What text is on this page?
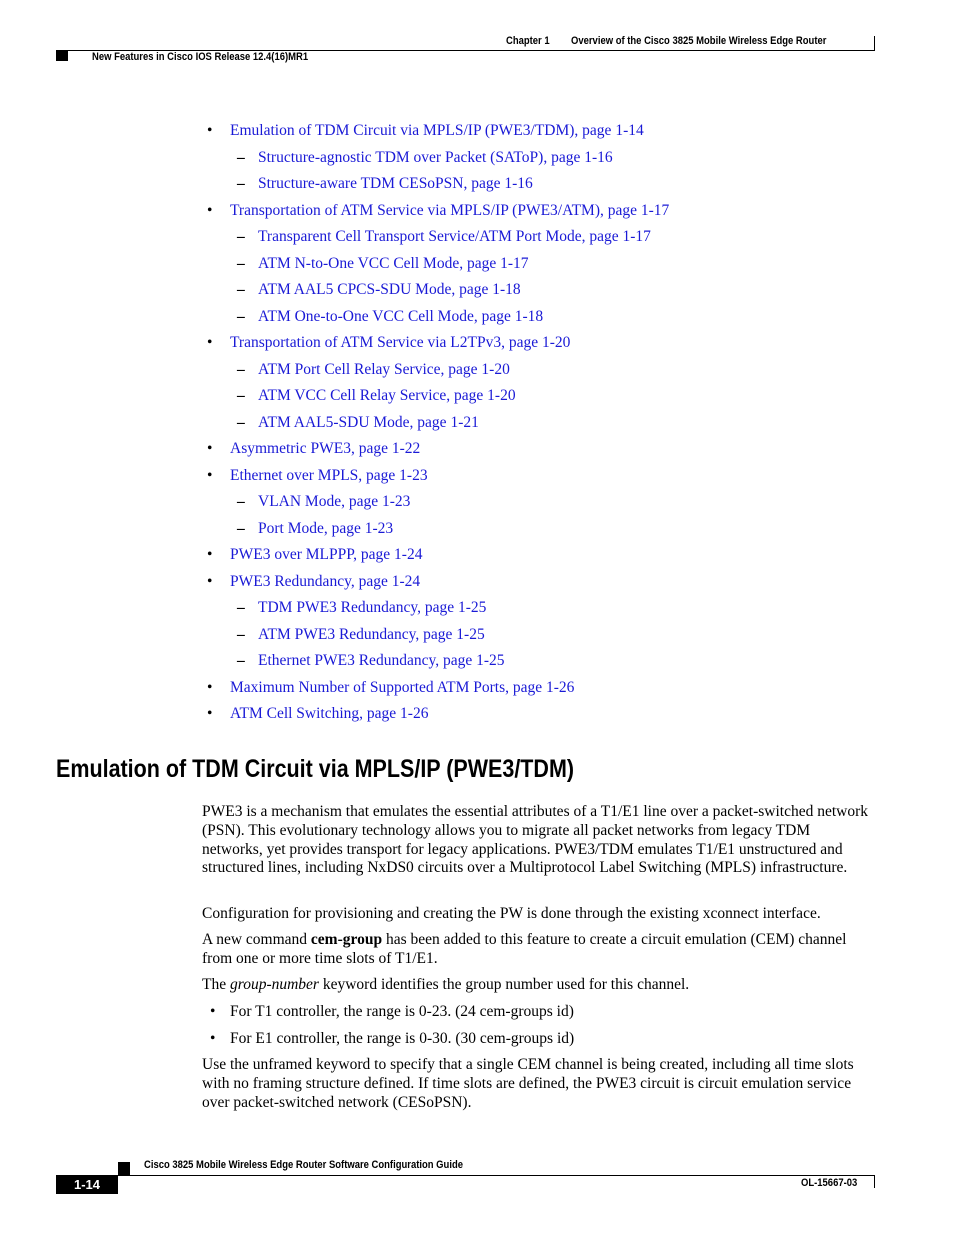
Chapter 1 Overview of the Cisco 3825 Mobile Wireless Edge Router
New Features in Cisco IOS Release 12.4(16)MR1
• Emulation of TDM Circuit via MPLS/IP (PWE3/TDM), page 1-14
– Structure-agnostic TDM over Packet (SAToP), page 1-16
– Structure-aware TDM CESoPSN, page 1-16
• Transportation of ATM Service via MPLS/IP (PWE3/ATM), page 1-17
– Transparent Cell Transport Service/ATM Port Mode, page 1-17
– ATM N-to-One VCC Cell Mode, page 1-17
– ATM AAL5 CPCS-SDU Mode, page 1-18
– ATM One-to-One VCC Cell Mode, page 1-18
• Transportation of ATM Service via L2TPv3, page 1-20
– ATM Port Cell Relay Service, page 1-20
– ATM VCC Cell Relay Service, page 1-20
– ATM AAL5-SDU Mode, page 1-21
• Asymmetric PWE3, page 1-22
• Ethernet over MPLS, page 1-23
– VLAN Mode, page 1-23
– Port Mode, page 1-23
• PWE3 over MLPPP, page 1-24
• PWE3 Redundancy, page 1-24
– TDM PWE3 Redundancy, page 1-25
– ATM PWE3 Redundancy, page 1-25
– Ethernet PWE3 Redundancy, page 1-25
• Maximum Number of Supported ATM Ports, page 1-26
• ATM Cell Switching, page 1-26
Emulation of TDM Circuit via MPLS/IP (PWE3/TDM)
PWE3 is a mechanism that emulates the essential attributes of a T1/E1 line over a packet-switched network (PSN). This evolutionary technology allows you to migrate all packet networks from legacy TDM networks, yet provides transport for legacy applications. PWE3/TDM emulates T1/E1 unstructured and structured lines, including NxDS0 circuits over a Multiprotocol Label Switching (MPLS) infrastructure.
Configuration for provisioning and creating the PW is done through the existing xconnect interface.
A new command cem-group has been added to this feature to create a circuit emulation (CEM) channel from one or more time slots of T1/E1.
The group-number keyword identifies the group number used for this channel.
• For T1 controller, the range is 0-23. (24 cem-groups id)
• For E1 controller, the range is 0-30. (30 cem-groups id)
Use the unframed keyword to specify that a single CEM channel is being created, including all time slots with no framing structure defined. If time slots are defined, the PWE3 circuit is circuit emulation service over packet-switched network (CESoPSN).
1-14
Cisco 3825 Mobile Wireless Edge Router Software Configuration Guide
OL-15667-03
